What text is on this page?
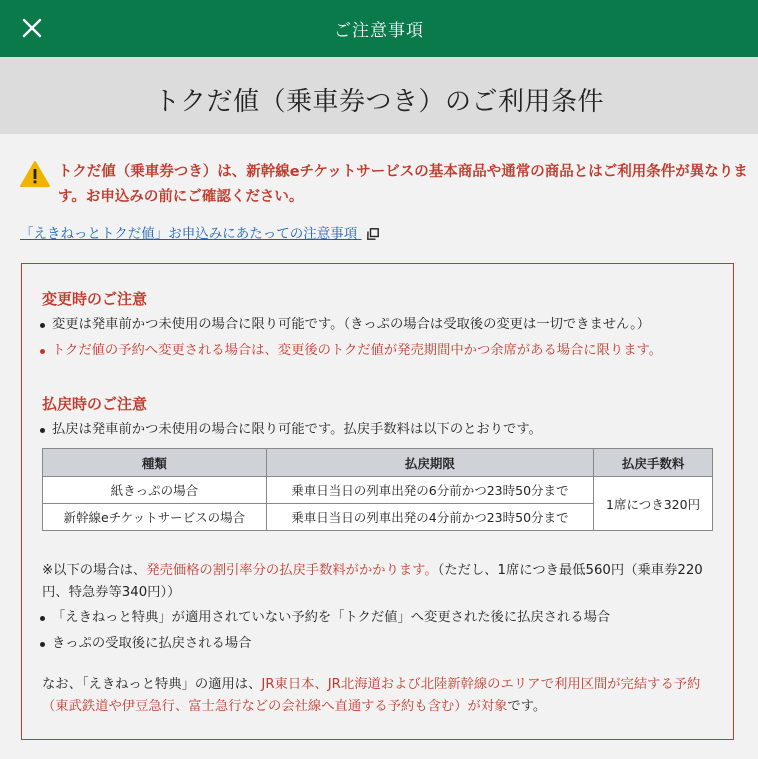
ご注意事項
トクだ値（乗車券つき）のご利用条件
トクだ値（乗車券つき）は、新幹線eチケットサービスの基本商品や通常の商品とはご利用条件が異なります。お申込みの前にご確認ください。
「えきねっとトクだ値」お申込みにあたっての注意事項
変更時のご注意
変更は発車前かつ未使用の場合に限り可能です。（きっぷの場合は受取後の変更は一切できません。）
トクだ値の予約へ変更される場合は、変更後のトクだ値が発売期間中かつ余席がある場合に限ります。
払戻時のご注意
払戻は発車前かつ未使用の場合に限り可能です。払戻手数料は以下のとおりです。
種類	払戻期限	払戻手数料
紙きっぷの場合	乗車日当日の列車出発の6分前かつ23時50分まで	1席につき320円
新幹線eチケットサービスの場合	乗車日当日の列車出発の4分前かつ23時50分まで	
※以下の場合は、発売価格の割引率分の払戻手数料がかかります。（ただし、1席につき最低560円（乗車券220円、特急券等340円））
「えきねっと特典」が適用されていない予約を「トクだ値」へ変更された後に払戻される場合
きっぷの受取後に払戻される場合
なお、「えきねっと特典」の適用は、JR東日本、JR北海道および北陸新幹線のエリアで利用区間が完結する予約（東武鉄道や伊豆急行、富士急行などの会社線へ直通する予約も含む）が対象です。
